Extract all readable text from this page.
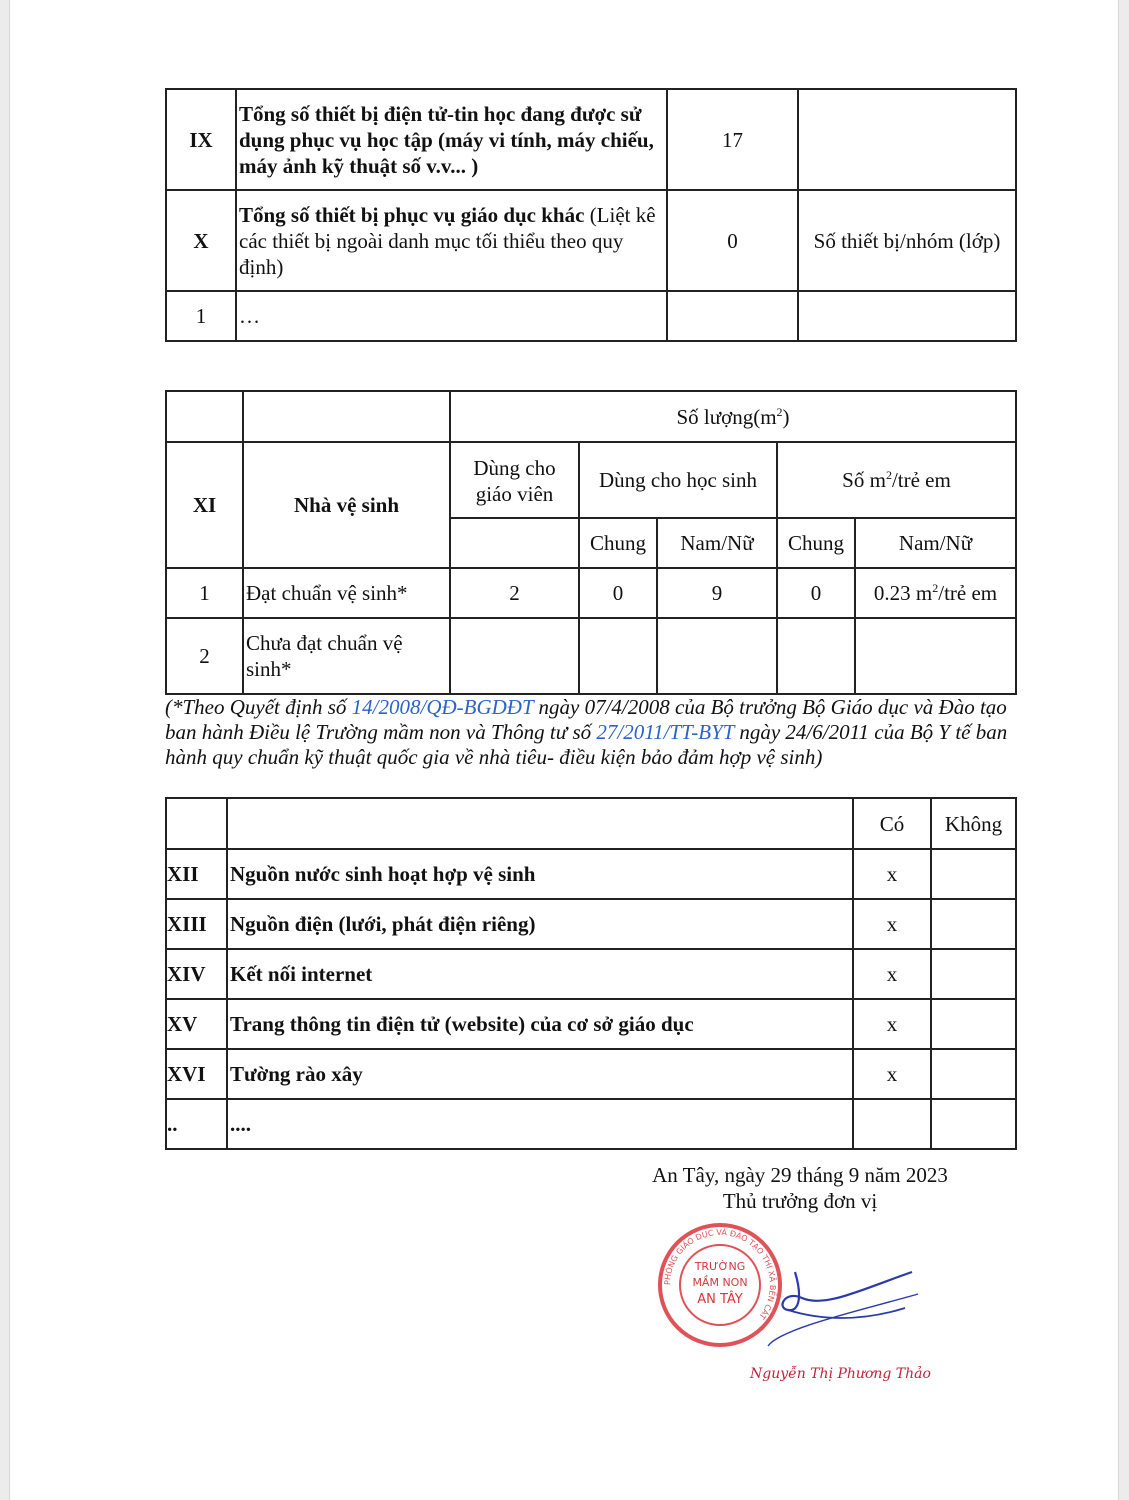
IX	Tổng số thiết bị điện tử-tin học đang được sử dụng phục vụ học tập (máy vi tính, máy chiếu, máy ảnh kỹ thuật số v.v... )	17	
X	Tổng số thiết bị phục vụ giáo dục khác (Liệt kê các thiết bị ngoài danh mục tối thiểu theo quy định)	0	Số thiết bị/nhóm (lớp)
1	…		
		Số $lượng(m^2)$				
XI	Nhà vệ sinh	Dùng cho giáo viên	Dùng cho học sinh		Số $m^2$/trẻ em	
			Chung	Nam/Nữ	Chung	Nam/Nữ
1	Đạt chuẩn vệ sinh*	2	0	9	0	0.23 $m^2$/trẻ em
2	Chưa đạt chuẩn vệ sinh*					
(*Theo Quyết định số 14/2008/QĐ-BGDĐT ngày 07/4/2008 của Bộ trưởng Bộ Giáo dục và Đào tạo ban hành Điều lệ Trường mầm non và Thông tư số 27/2011/TT-BYT ngày 24/6/2011 của Bộ Y tế ban hành quy chuẩn kỹ thuật quốc gia về nhà tiêu- điều kiện bảo đảm hợp vệ sinh)
		Có	Không
XII	Nguồn nước sinh hoạt hợp vệ sinh	x	
XIII	Nguồn điện (lưới, phát điện riêng)	x	
XIV	Kết nối internet	x	
XV	Trang thông tin điện tử (website) của cơ sở giáo dục	x	
XVI	Tường rào xây	x	
..	....		
An Tây, ngày 29 tháng 9 năm 2023
Thủ trưởng đơn vị
PHÒNG GIÁO DỤC VÀ ĐÀO TẠO THỊ XÃ BẾN CÁT
TRƯỜNG
MẦM NON
AN TÂY
Nguyễn Thị Phương Thảo
